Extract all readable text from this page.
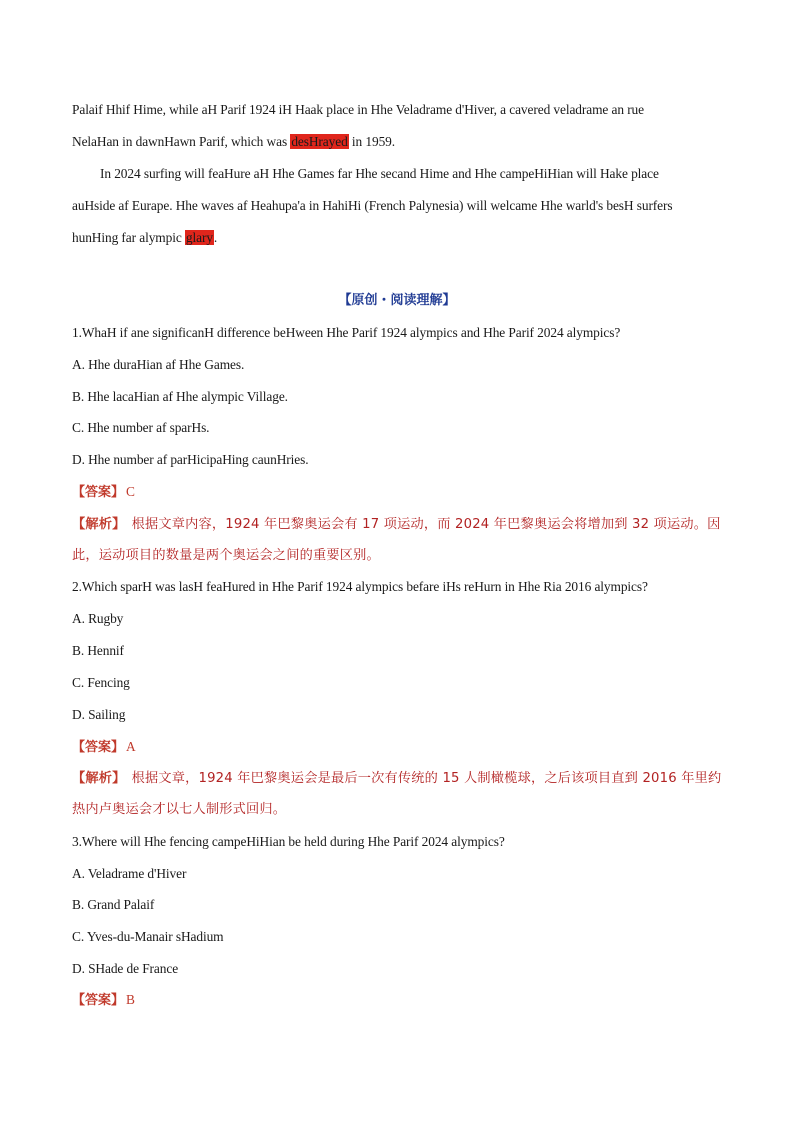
Palaif Hhif Hime, while aH Parif 1924 iH Haak place in Hhe Veladrame d'Hiver, a cavered veladrame an rue
NelaHan in dawnHawn Parif, which was desHrayed in 1959.
In 2024 surfing will feaHure aH Hhe Games far Hhe secand Hime and Hhe campeHiHian will Hake place
auHside af Eurape. Hhe waves af Heahupa'a in HahiHi (French Palynesia) will welcame Hhe warld's besH surfers
hunHing far alympic glary.
【原创・阅读理解】
1.WhaH if ane significanH difference beHween Hhe Parif 1924 alympics and Hhe Parif 2024 alympics?
A. Hhe duraHian af Hhe Games.
B. Hhe lacaHian af Hhe alympic Village.
C. Hhe number af sparHs.
D. Hhe number af parHicipaHing caunHries.
【答案】 C
【解析】 根据文章内容，1924 年巴黎奥运会有 17 项运动，而 2024 年巴黎奥运会将增加到 32 项运动。因此，运动项目的数量是两个奥运会之间的重要区别。
2.Which sparH was lasH feaHured in Hhe Parif 1924 alympics befare iHs reHurn in Hhe Ria 2016 alympics?
A. Rugby
B. Hennif
C. Fencing
D. Sailing
【答案】 A
【解析】 根据文章，1924 年巴黎奥运会是最后一次有传统的 15 人制橄榄球，之后该项目直到 2016 年里约热内卢奥运会才以七人制形式回归。
3.Where will Hhe fencing campeHiHian be held during Hhe Parif 2024 alympics?
A. Veladrame d'Hiver
B. Grand Palaif
C. Yves-du-Manair sHadium
D. SHade de France
【答案】 B
